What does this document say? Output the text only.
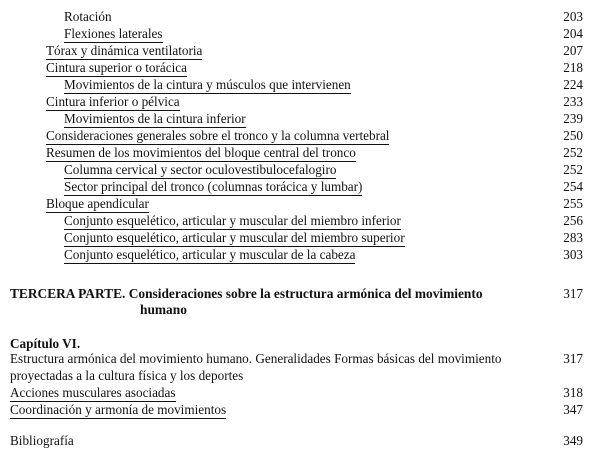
Rotación	203
Flexiones laterales	204
Tórax y dinámica ventilatoria	207
Cintura superior o torácica	218
Movimientos de la cintura y músculos que intervienen	224
Cintura inferior o pélvica	233
Movimientos de la cintura inferior	239
Consideraciones generales sobre el tronco y la columna vertebral	250
Resumen de los movimientos del bloque central del tronco	252
Columna cervical y sector oculovestibulocefalogiro	252
Sector principal del tronco (columnas torácica y lumbar)	254
Bloque apendicular	255
Conjunto esquelético, articular y muscular del miembro inferior	256
Conjunto esquelético, articular y muscular del miembro superior	283
Conjunto esquelético, articular y muscular de la cabeza	303
TERCERA PARTE. Consideraciones sobre la estructura armónica del movimiento
humano
317
Capítulo VI.
Estructura armónica del movimiento humano. Generalidades Formas básicas del movimiento
proyectadas a la cultura física y los deportes
317
Acciones musculares asociadas	318
Coordinación y armonía de movimientos	347
Bibliografía	349
